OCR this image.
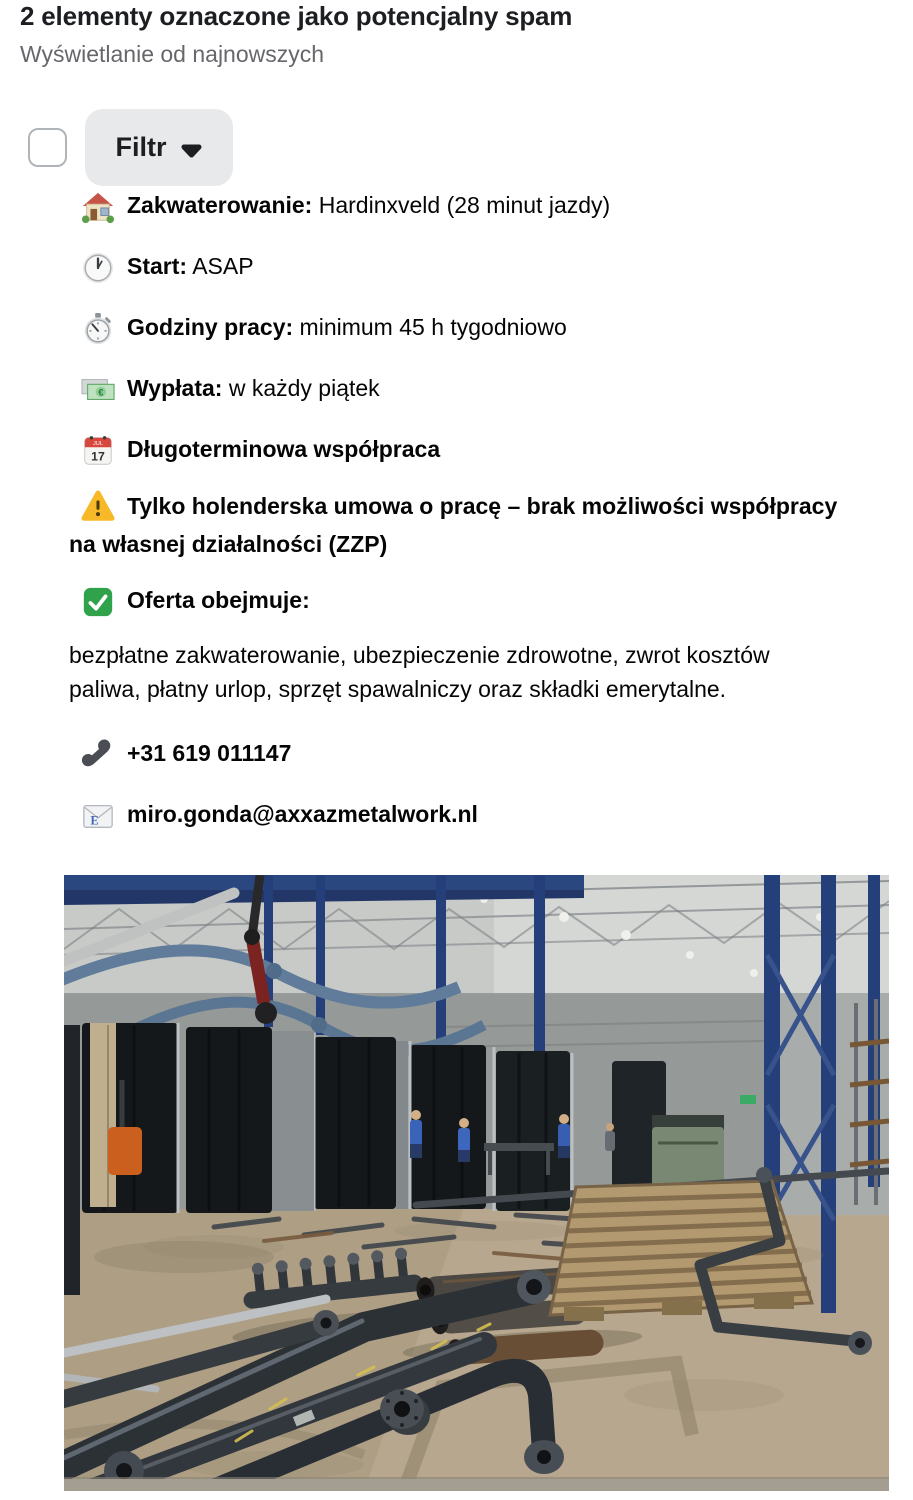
2 elementy oznaczone jako potencjalny spam
Wyświetlanie od najnowszych
Filtr

Zakwaterowanie: Hardinxveld (28 minut jazdy)

Start: ASAP

Godziny pracy: minimum 45 h tygodniowo

€ Wypłata: w każdy piątek

JUL
17 Długoterminowa współpraca

Tylko holenderska umowa o pracę – brak możliwości współpracy na własnej działalności (ZZP)

Oferta obejmuje:

bezpłatne zakwaterowanie, ubezpieczenie zdrowotne, zwrot kosztów paliwa, płatny urlop, sprzęt spawalniczy oraz składki emerytalne.

+31 619 011147

E miro.gonda@axxazmetalwork.nl
